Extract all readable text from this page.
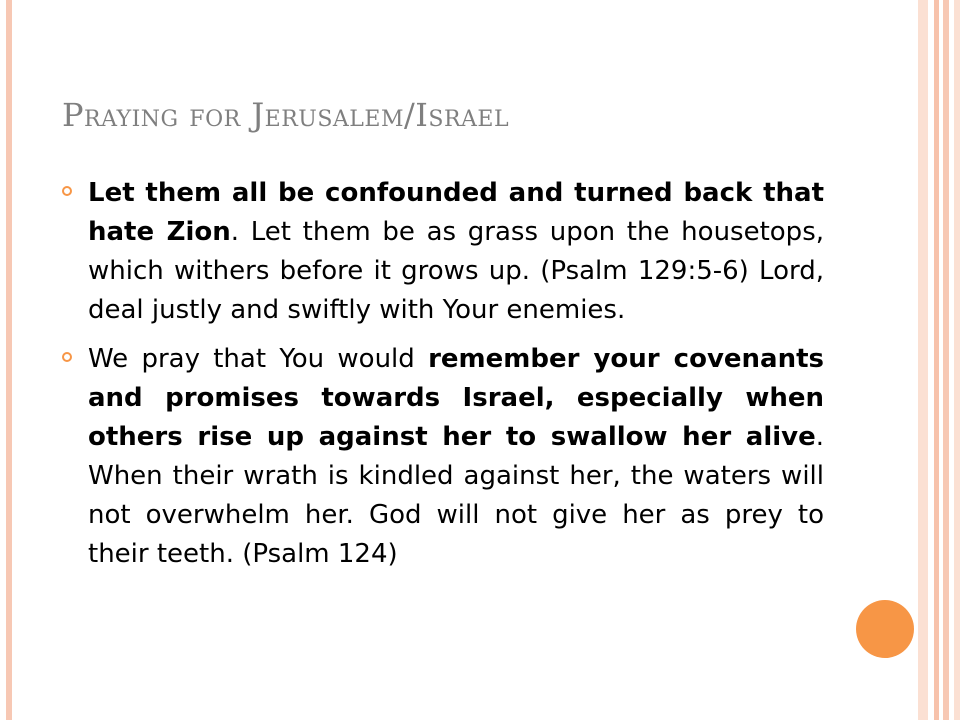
Praying for Jerusalem/Israel
Let them all be confounded and turned back that hate Zion. Let them be as grass upon the housetops, which withers before it grows up. (Psalm 129:5-6) Lord, deal justly and swiftly with Your enemies.
We pray that You would remember your covenants and promises towards Israel, especially when others rise up against her to swallow her alive. When their wrath is kindled against her, the waters will not overwhelm her. God will not give her as prey to their teeth. (Psalm 124)
